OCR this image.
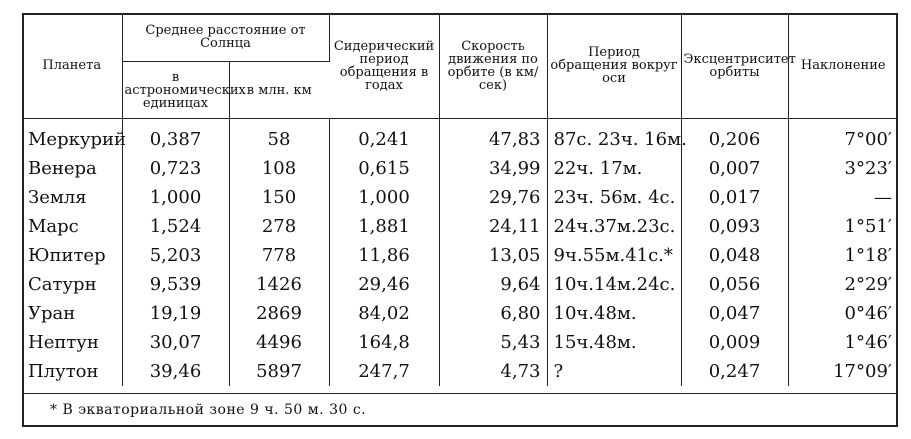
Планета	Среднее расстояние от Солнца		Сидерический период обращения в годах	Скорость движения по орбите (в км/сек)	Период обращения вокруг оси	Эксцентриситет орбиты	Наклонение
	в астрономических единицах	в млн. км					
Меркурий	0,387	58	0,241	47,83	87с. 23ч. 16м.	0,206	7°00′
Венера	0,723	108	0,615	34,99	22ч. 17м.	0,007	3°23′
Земля	1,000	150	1,000	29,76	23ч. 56м. 4с.	0,017	—
Марс	1,524	278	1,881	24,11	24ч.37м.23с.	0,093	1°51′
Юпитер	5,203	778	11,86	13,05	9ч.55м.41с.*	0,048	1°18′
Сатурн	9,539	1426	29,46	9,64	10ч.14м.24с.	0,056	2°29′
Уран	19,19	2869	84,02	6,80	10ч.48м.	0,047	0°46′
Нептун	30,07	4496	164,8	5,43	15ч.48м.	0,009	1°46′
Плутон	39,46	5897	247,7	4,73	?	0,247	17°09′
* В экваториальной зоне 9 ч. 50 м. 30 с.
